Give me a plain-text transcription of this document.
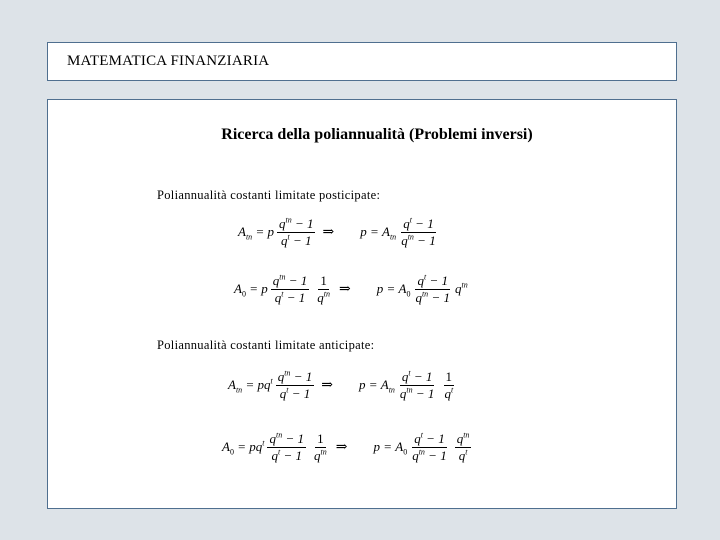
MATEMATICA FINANZIARIA
Ricerca della poliannualità (Problemi inversi)
Poliannualità costanti limitate posticipate:
$A_{tn} = p \frac{q^{tn} - 1}{q^t - 1}$ ⇒ $p = A_{tn} \frac{q^t - 1}{q^{tn} - 1}$
$A_0 = p \frac{q^{tn} - 1}{q^t - 1} \frac{1}{q^{tn}}$ ⇒ $p = A_0 \frac{q^t - 1}{q^{tn} - 1} q^{tn}$
Poliannualità costanti limitate anticipate:
$A_{tn} = pq^t \frac{q^{tn} - 1}{q^t - 1}$ ⇒ $p = A_{tn} \frac{q^t - 1}{q^{tn} - 1} \frac{1}{q^t}$
$A_0 = pq^t \frac{q^{tn} - 1}{q^t - 1} \frac{1}{q^{tn}}$ ⇒ $p = A_0 \frac{q^t - 1}{q^{tn} - 1} \frac{q^{tn}}{q^t}$
